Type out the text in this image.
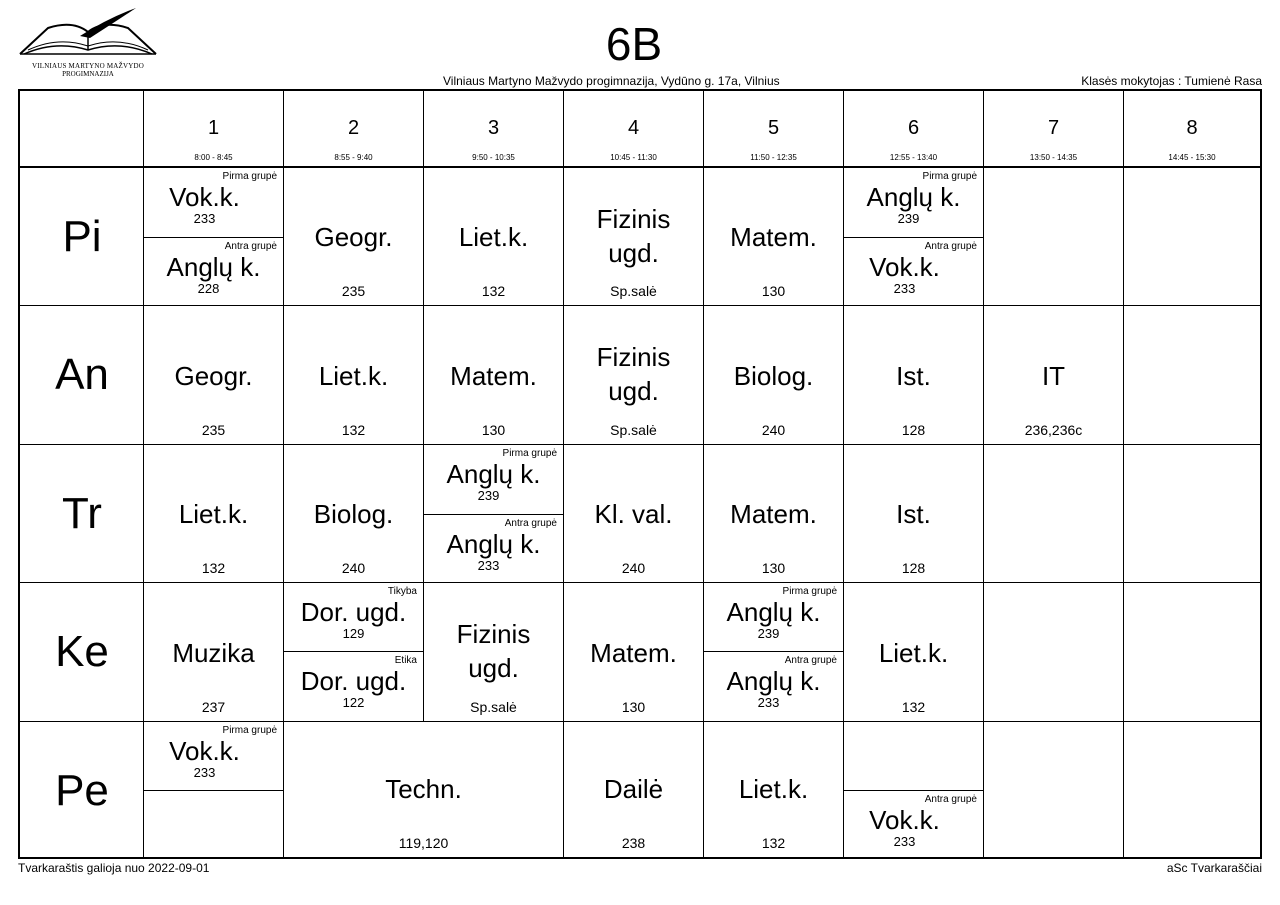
VILNIAUS MARTYNO MAŽVYDO
PROGIMNAZIJA
6B
Vilniaus Martyno Mažvydo progimnazija, Vydūno g. 17a, Vilnius	Klasės mokytojas : Tumienė Rasa
1
8:00 - 8:45
2
8:55 - 9:40
3
9:50 - 10:35
4
10:45 - 11:30
5
11:50 - 12:35
6
12:55 - 13:40
7
13:50 - 14:35
8
14:45 - 15:30
Pi
An
Tr
Ke
Pe
Pirma grupė
Vok.k.
233
Antra grupė
Anglų k.
228
Geogr.
235
Liet.k.
132
Fizinis
ugd.
Sp.salė
Matem.
130
Pirma grupė
Anglų k.
239
Antra grupė
Vok.k.
233
Geogr.
235
Liet.k.
132
Matem.
130
Fizinis
ugd.
Sp.salė
Biolog.
240
Ist.
128
IT
236,236c
Liet.k.
132
Biolog.
240
Pirma grupė
Anglų k.
239
Antra grupė
Anglų k.
233
Kl. val.
240
Matem.
130
Ist.
128
Muzika
237
Tikyba
Dor. ugd.
129
Etika
Dor. ugd.
122
Fizinis
ugd.
Sp.salė
Matem.
130
Pirma grupė
Anglų k.
239
Antra grupė
Anglų k.
233
Liet.k.
132
Pirma grupė
Vok.k.
233
Techn.
119,120
Dailė
238
Liet.k.
132
Antra grupė
Vok.k.
233
Tvarkaraštis galioja nuo 2022-09-01	aSc Tvarkaraščiai
